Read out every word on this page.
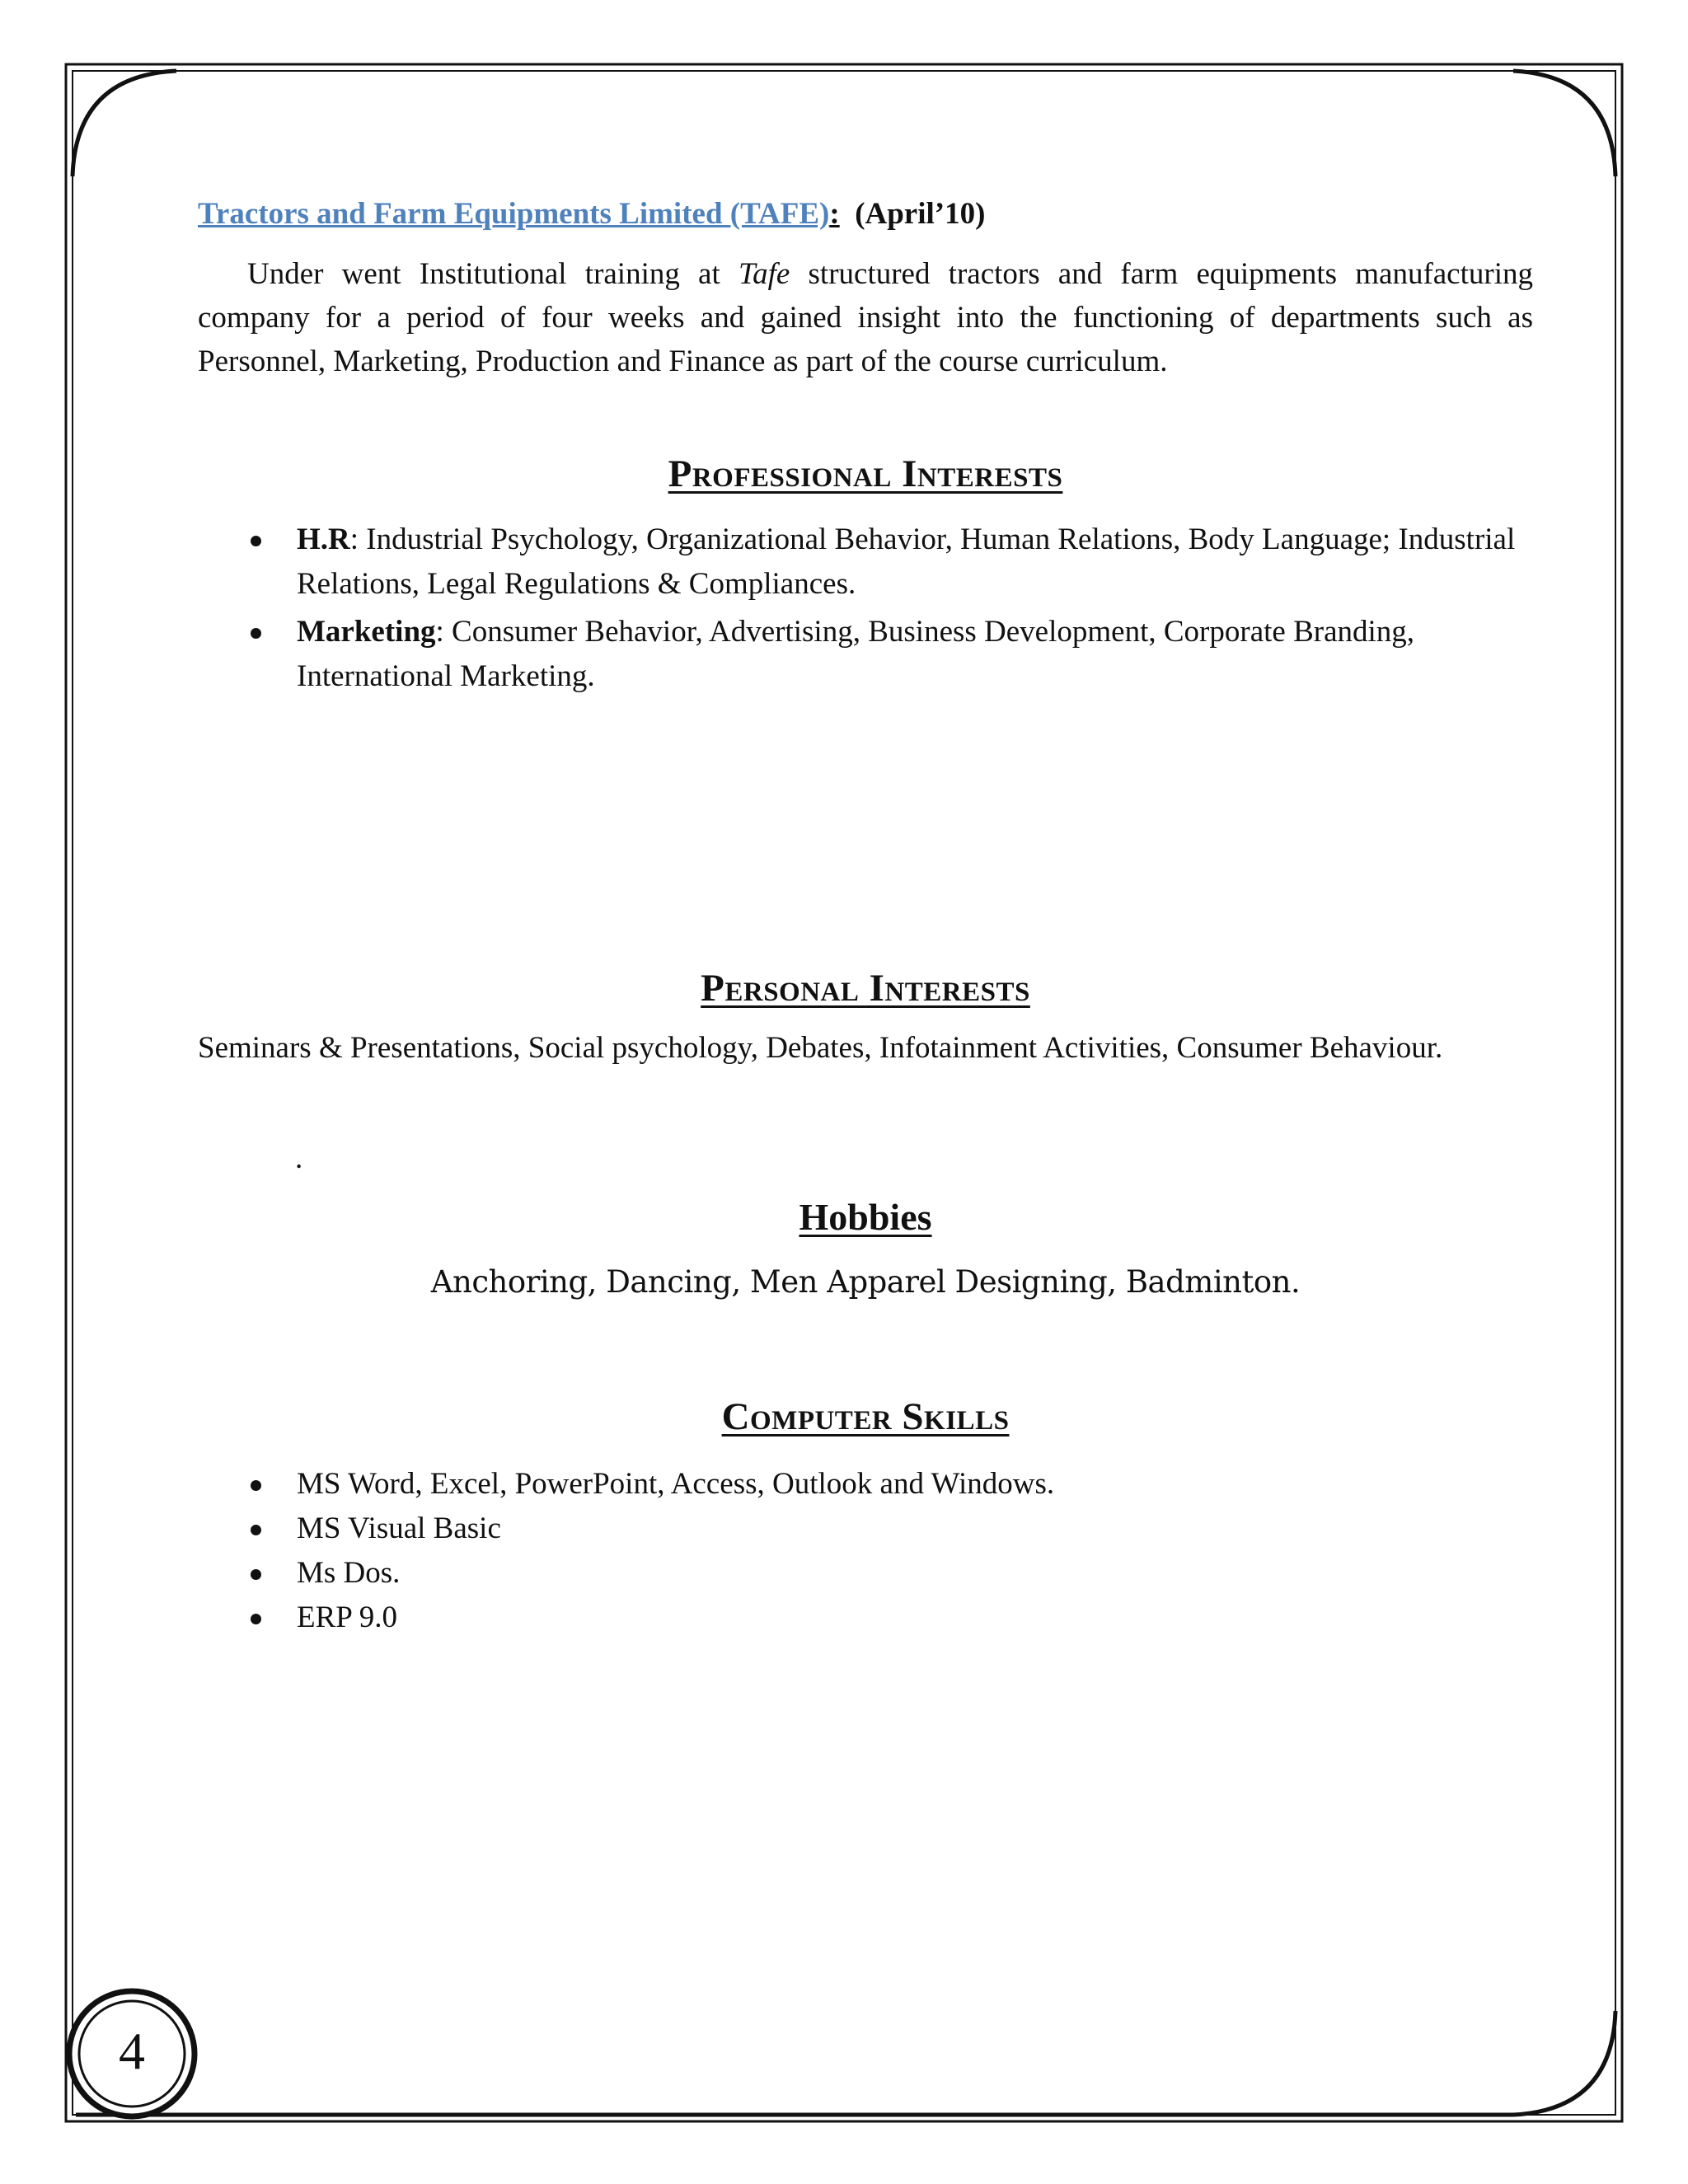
4
Tractors and Farm Equipments Limited (TAFE): (April’10)
Under went Institutional training at Tafe structured tractors and farm equipments manufacturing company for a period of four weeks and gained insight into the functioning of departments such as Personnel, Marketing, Production and Finance as part of the course curriculum.
Professional Interests
H.R: Industrial Psychology, Organizational Behavior, Human Relations, Body Language; Industrial Relations, Legal Regulations & Compliances.
Marketing: Consumer Behavior, Advertising, Business Development, Corporate Branding, International Marketing.
Personal Interests
Seminars & Presentations, Social psychology, Debates, Infotainment Activities, Consumer Behaviour.
.
Hobbies
Anchoring, Dancing, Men Apparel Designing, Badminton.
Computer Skills
MS Word, Excel, PowerPoint, Access, Outlook and Windows.
MS Visual Basic
Ms Dos.
ERP 9.0
